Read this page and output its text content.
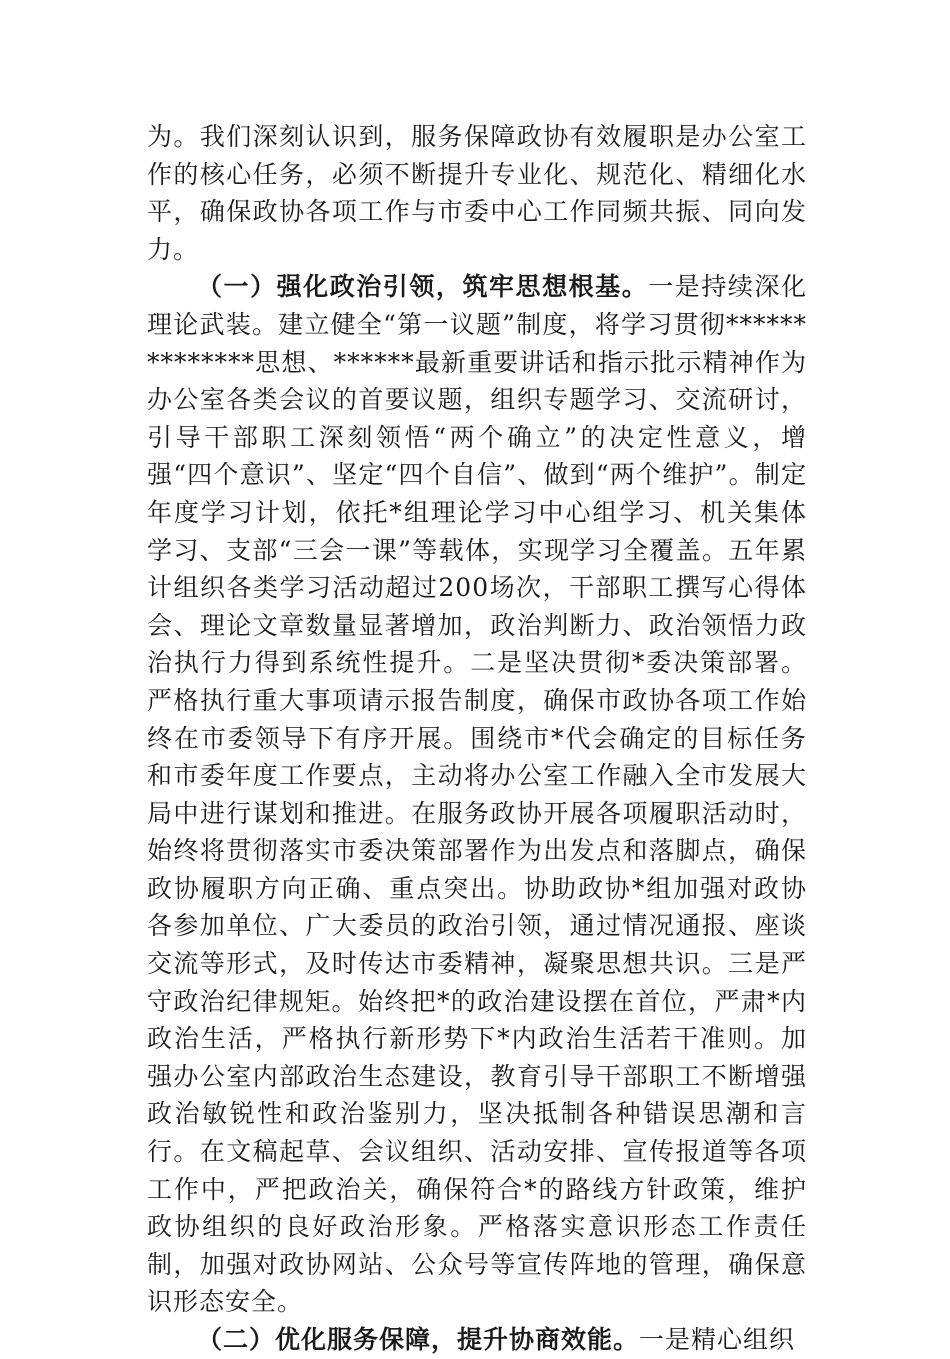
为。我们深刻认识到，服务保障政协有效履职是办公室工作的核心任务，必须不断提升专业化、规范化、精细化水平，确保政协各项工作与市委中心工作同频共振、同向发力。

（一）强化政治引领，筑牢思想根基。一是持续深化理论武装。建立健全“第一议题”制度，将学习贯彻**************思想、******最新重要讲话和指示批示精神作为办公室各类会议的首要议题，组织专题学习、交流研讨，引导干部职工深刻领悟“两个确立”的决定性意义，增强“四个意识”、坚定“四个自信”、做到“两个维护”。制定年度学习计划，依托*组理论学习中心组学习、机关集体学习、支部“三会一课”等载体，实现学习全覆盖。五年累计组织各类学习活动超过200场次，干部职工撰写心得体会、理论文章数量显著增加，政治判断力、政治领悟力政治执行力得到系统性提升。二是坚决贯彻*委决策部署。严格执行重大事项请示报告制度，确保市政协各项工作始终在市委领导下有序开展。围绕市*代会确定的目标任务和市委年度工作要点，主动将办公室工作融入全市发展大局中进行谋划和推进。在服务政协开展各项履职活动时，始终将贯彻落实市委决策部署作为出发点和落脚点，确保政协履职方向正确、重点突出。协助政协*组加强对政协各参加单位、广大委员的政治引领，通过情况通报、座谈交流等形式，及时传达市委精神，凝聚思想共识。三是严守政治纪律规矩。始终把*的政治建设摆在首位，严肃*内政治生活，严格执行新形势下*内政治生活若干准则。加强办公室内部政治生态建设，教育引导干部职工不断增强政治敏锐性和政治鉴别力，坚决抵制各种错误思潮和言行。在文稿起草、会议组织、活动安排、宣传报道等各项工作中，严把政治关，确保符合*的路线方针政策，维护政协组织的良好政治形象。严格落实意识形态工作责任制，加强对政协网站、公众号等宣传阵地的管理，确保意识形态安全。

（二）优化服务保障，提升协商效能。一是精心组织
